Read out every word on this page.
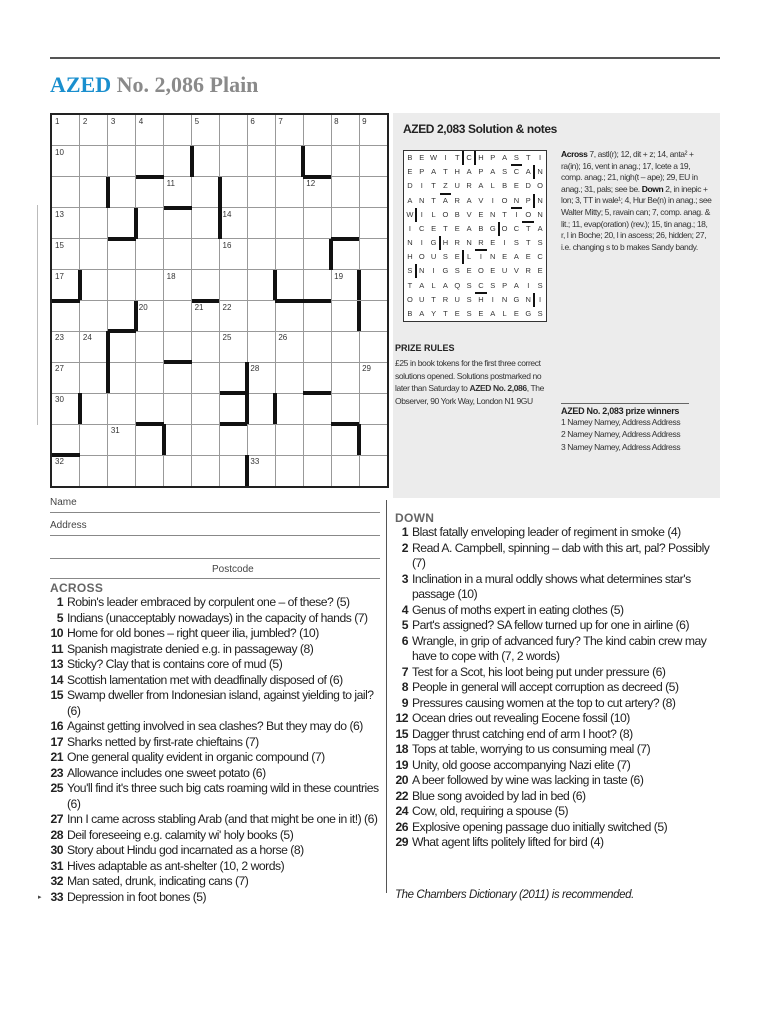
AZED No. 2,086 Plain
1	2	3	4	5	6	7	8	9
10
11	12
13	14
15	16
17	18	19
20	21 22
23 24	25	26
27	28	29
30
31
32	33
AZED 2,083 Solution & notes
B E W I	T C H P A S T	I
E P A T H A P A S C A N
D	I	T Z U R A L B E D O
A N T A R A V	I	O N P N
W I	L O B V E N T	I	O N
I	C E T E A B G O C T A
N	I	G H R N R E	I	S T S
H O U S E L	I	N E A E C
S N	I	G S E O E U V R E
T A L A Q S C S P A	I	S
O U T R U S H	I	N G N	I
B A Y T E S E A L E G S
Across 7, astl(r); 12, dit + z; 14, anta² + ra(in); 16, vent in anag.; 17, Icete a 19, comp. anag.; 21, nigh(t – ape); 29, EU in anag.; 31, pals; see be. Down 2, in inepic + lon; 3, TT in wale¹; 4, Hur Be(n) in anag.; see Walter Mitty; 5, ravain can; 7, comp. anag. & lit.; 11, evap(oration) (rev.); 15, tin anag.; 18, r, l in Boche; 20, l in ascess; 26, hidden; 27, i.e. changing s to b makes Sandy bandy.
PRIZE RULES
£25 in book tokens for the first three correct solutions opened. Solutions postmarked no later than Saturday to AZED No. 2,086, The Observer, 90 York Way, London N1 9GU
AZED No. 2,083 prize winners
1 Namey Namey, Address Address
2 Namey Namey, Address Address
3 Namey Namey, Address Address
Name
Address
Postcode
ACROSS
1 Robin's leader embraced by corpulent one – of these? (5)
5 Indians (unacceptably nowadays) in the capacity of hands (7)
10 Home for old bones – right queer ilia, jumbled? (10)
11 Spanish magistrate denied e.g. in passageway (8)
13 Sticky? Clay that is contains core of mud (5)
14 Scottish lamentation met with deadfinally disposed of (6)
15 Swamp dweller from Indonesian island, against yielding to jail? (6)
16 Against getting involved in sea clashes? But they may do (6)
17 Sharks netted by first-rate chieftains (7)
21 One general quality evident in organic compound (7)
23 Allowance includes one sweet potato (6)
25 You'll find it's three such big cats roaming wild in these countries (6)
27 Inn I came across stabling Arab (and that might be one in it!) (6)
28 Deil foreseeing e.g. calamity wi' holy books (5)
30 Story about Hindu god incarnated as a horse (8)
31 Hives adaptable as ant-shelter (10, 2 words)
32 Man sated, drunk, indicating cans (7)
33 Depression in foot bones (5)
DOWN
1 Blast fatally enveloping leader of regiment in smoke (4)
2 Read A. Campbell, spinning – dab with this art, pal? Possibly (7)
3 Inclination in a mural oddly shows what determines star's passage (10)
4 Genus of moths expert in eating clothes (5)
5 Part's assigned? SA fellow turned up for one in airline (6)
6 Wrangle, in grip of advanced fury? The kind cabin crew may have to cope with (7, 2 words)
7 Test for a Scot, his loot being put under pressure (6)
8 People in general will accept corruption as decreed (5)
9 Pressures causing women at the top to cut artery? (8)
12 Ocean dries out revealing Eocene fossil (10)
15 Dagger thrust catching end of arm I hoot? (8)
18 Tops at table, worrying to us consuming meal (7)
19 Unity, old goose accompanying Nazi elite (7)
20 A beer followed by wine was lacking in taste (6)
22 Blue song avoided by lad in bed (6)
24 Cow, old, requiring a spouse (5)
26 Explosive opening passage duo initially switched (5)
29 What agent lifts politely lifted for bird (4)
The Chambers Dictionary (2011) is recommended.
▸
